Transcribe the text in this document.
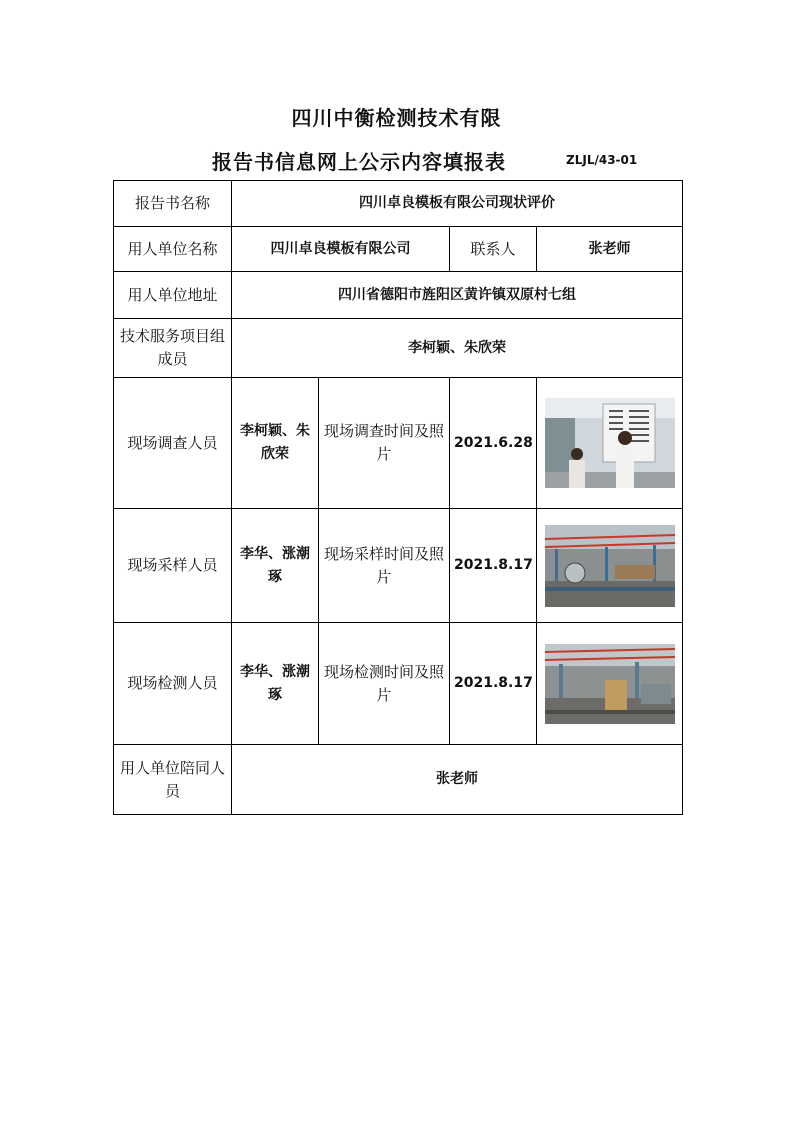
四川中衡检测技术有限
报告书信息网上公示内容填报表	ZLJL/43-01
报告书名称	四川卓良模板有限公司现状评价			
用人单位名称	四川卓良模板有限公司		联系人	张老师
用人单位地址	四川省德阳市旌阳区黄许镇双原村七组			
技术服务项目组成员	李柯颖、朱欣荣			
现场调查人员	李柯颖、朱欣荣	现场调查时间及照片	2021.6.28	

现场采样人员	李华、涨潮琢	现场采样时间及照片	2021.8.17	

现场检测人员	李华、涨潮琢	现场检测时间及照片	2021.8.17	

用人单位陪同人员	张老师			
